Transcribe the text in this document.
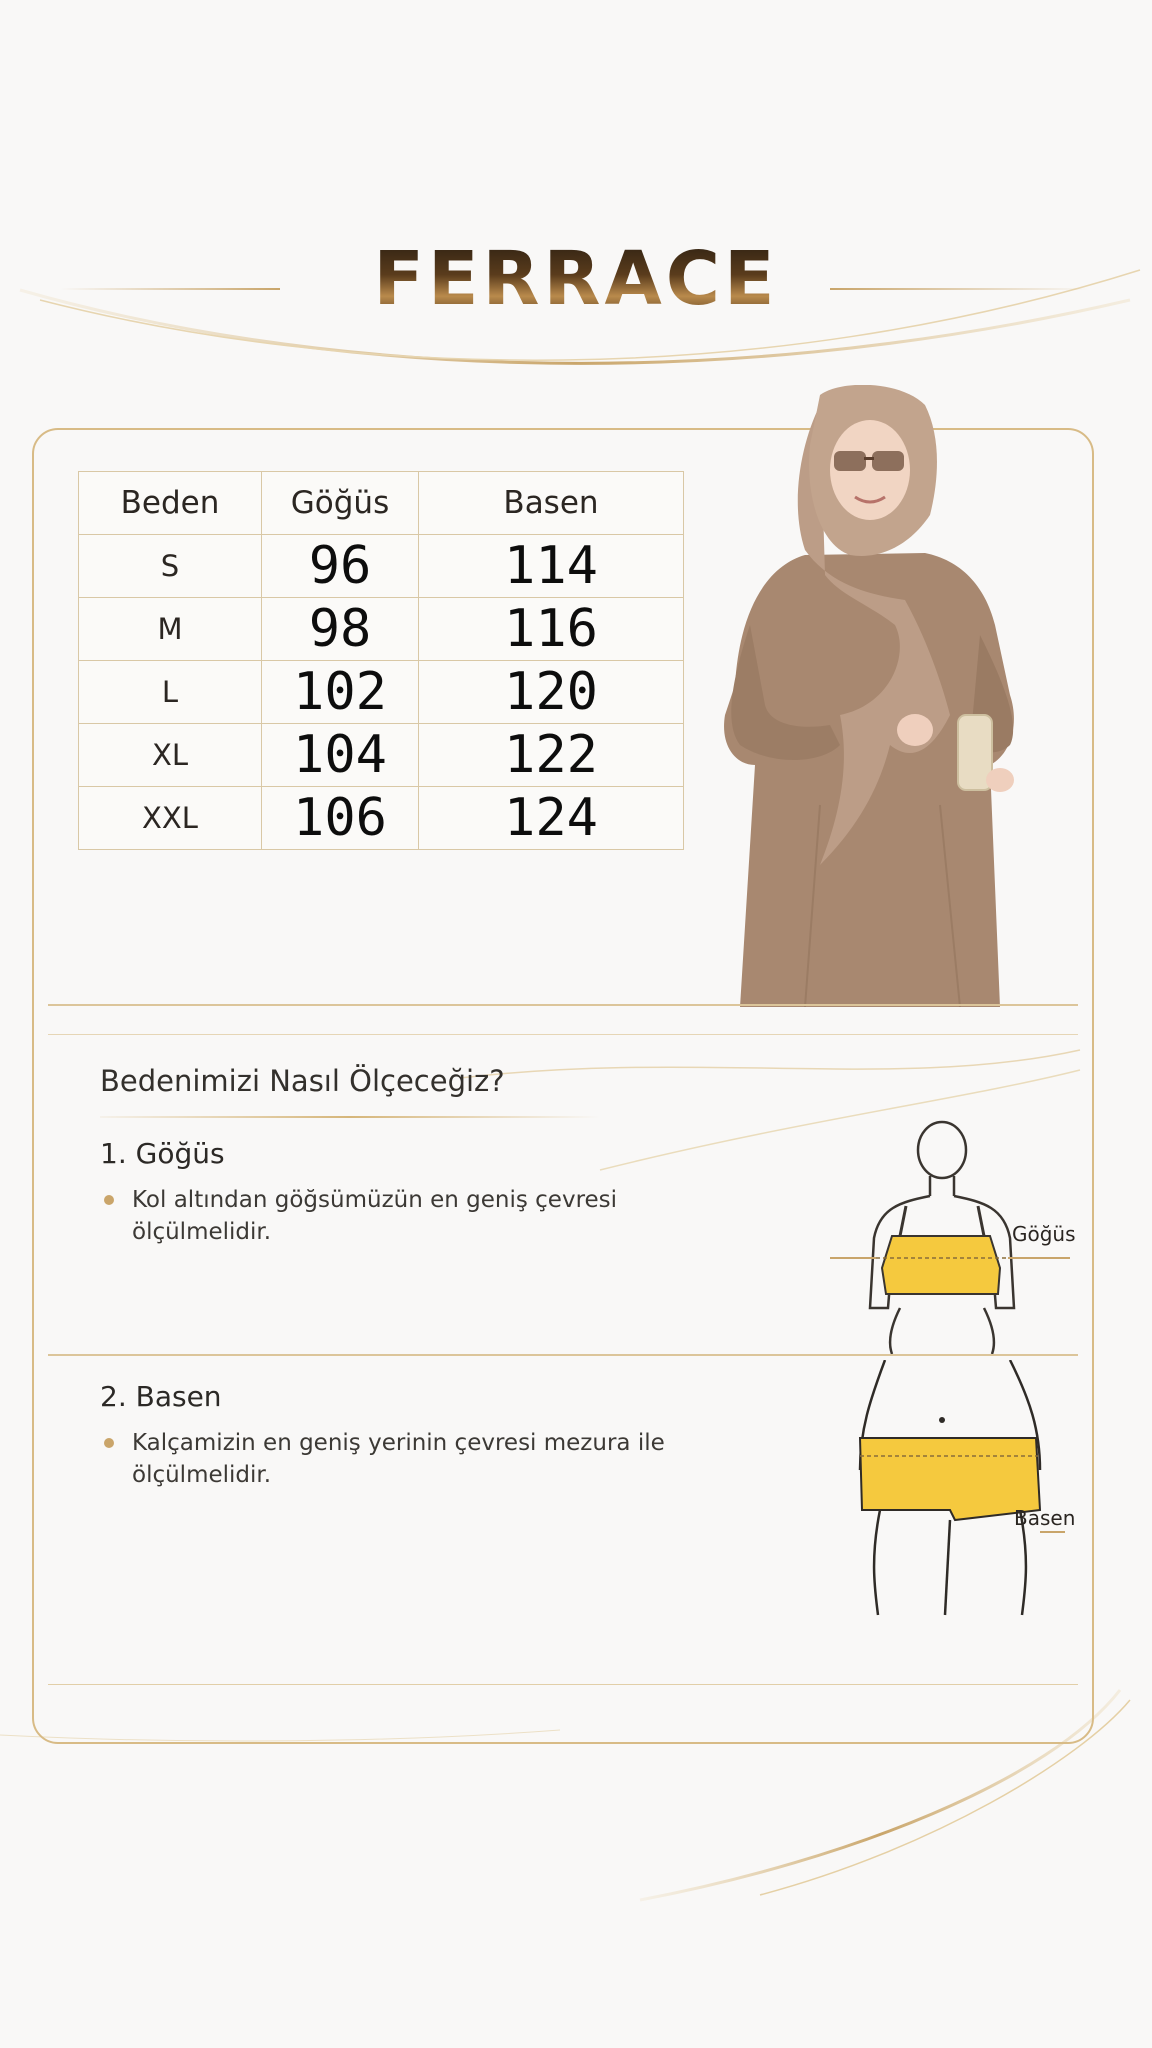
FERRACE
Beden	Göğüs	Basen
S	96	114
M	98	116
L	102	120
XL	104	122
XXL	106	124
Bedenimizi Nasıl Ölçeceğiz?
1. Göğüs
Kol altından göğsümüzün en geniş çevresi ölçülmelidir.
2. Basen
Kalçamizin en geniş yerinin çevresi mezura ile ölçülmelidir.
Göğüs
Basen
